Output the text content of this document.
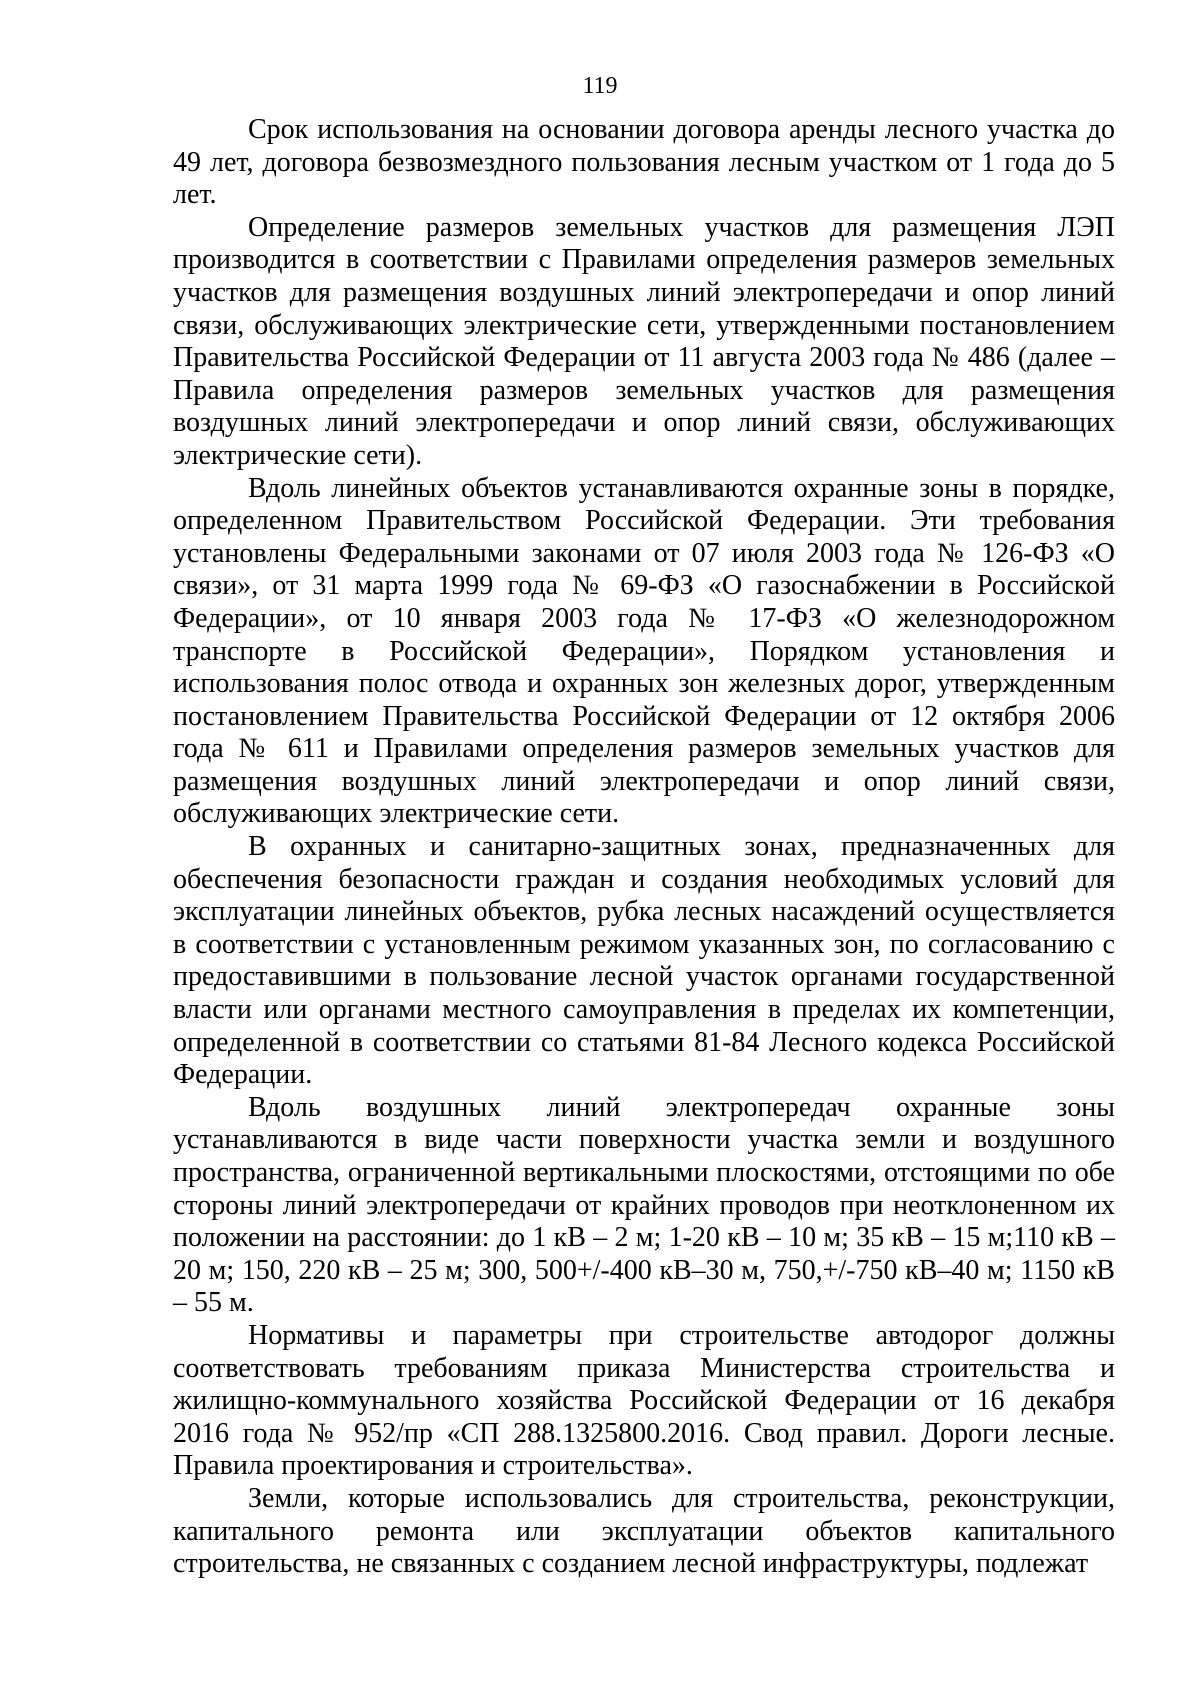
119

Срок использования на основании договора аренды лесного участка до 49 лет, договора безвозмездного пользования лесным участком от 1 года до 5 лет.

Определение размеров земельных участков для размещения ЛЭП производится в соответствии с Правилами определения размеров земельных участков для размещения воздушных линий электропередачи и опор линий связи, обслуживающих электрические сети, утвержденными постановлением Правительства Российской Федерации от 11 августа 2003 года № 486 (далее – Правила определения размеров земельных участков для размещения воздушных линий электропередачи и опор линий связи, обслуживающих электрические сети).

Вдоль линейных объектов устанавливаются охранные зоны в порядке, определенном Правительством Российской Федерации. Эти требования установлены Федеральными законами от 07 июля 2003 года № 126-ФЗ «О связи», от 31 марта 1999 года № 69-ФЗ «О газоснабжении в Российской Федерации», от 10 января 2003 года № 17-ФЗ «О железнодорожном транспорте в Российской Федерации», Порядком установления и использования полос отвода и охранных зон железных дорог, утвержденным постановлением Правительства Российской Федерации от 12 октября 2006 года № 611 и Правилами определения размеров земельных участков для размещения воздушных линий электропередачи и опор линий связи, обслуживающих электрические сети.

В охранных и санитарно-защитных зонах, предназначенных для обеспечения безопасности граждан и создания необходимых условий для эксплуатации линейных объектов, рубка лесных насаждений осуществляется в соответствии с установленным режимом указанных зон, по согласованию с предоставившими в пользование лесной участок органами государственной власти или органами местного самоуправления в пределах их компетенции, определенной в соответствии со статьями 81-84 Лесного кодекса Российской Федерации.

Вдоль воздушных линий электропередач охранные зоны устанавливаются в виде части поверхности участка земли и воздушного пространства, ограниченной вертикальными плоскостями, отстоящими по обе стороны линий электропередачи от крайних проводов при неотклоненном их положении на расстоянии: до 1 кВ – 2 м; 1-20 кВ – 10 м; 35 кВ – 15 м;110 кВ – 20 м; 150, 220 кВ – 25 м; 300, 500+/-400 кВ–30 м, 750,+/-750 кВ–40 м; 1150 кВ – 55 м.

Нормативы и параметры при строительстве автодорог должны соответствовать требованиям приказа Министерства строительства и жилищно-коммунального хозяйства Российской Федерации от 16 декабря 2016 года № 952/пр «СП 288.1325800.2016. Свод правил. Дороги лесные. Правила проектирования и строительства».

Земли, которые использовались для строительства, реконструкции, капитального ремонта или эксплуатации объектов капитального строительства, не связанных с созданием лесной инфраструктуры, подлежат
